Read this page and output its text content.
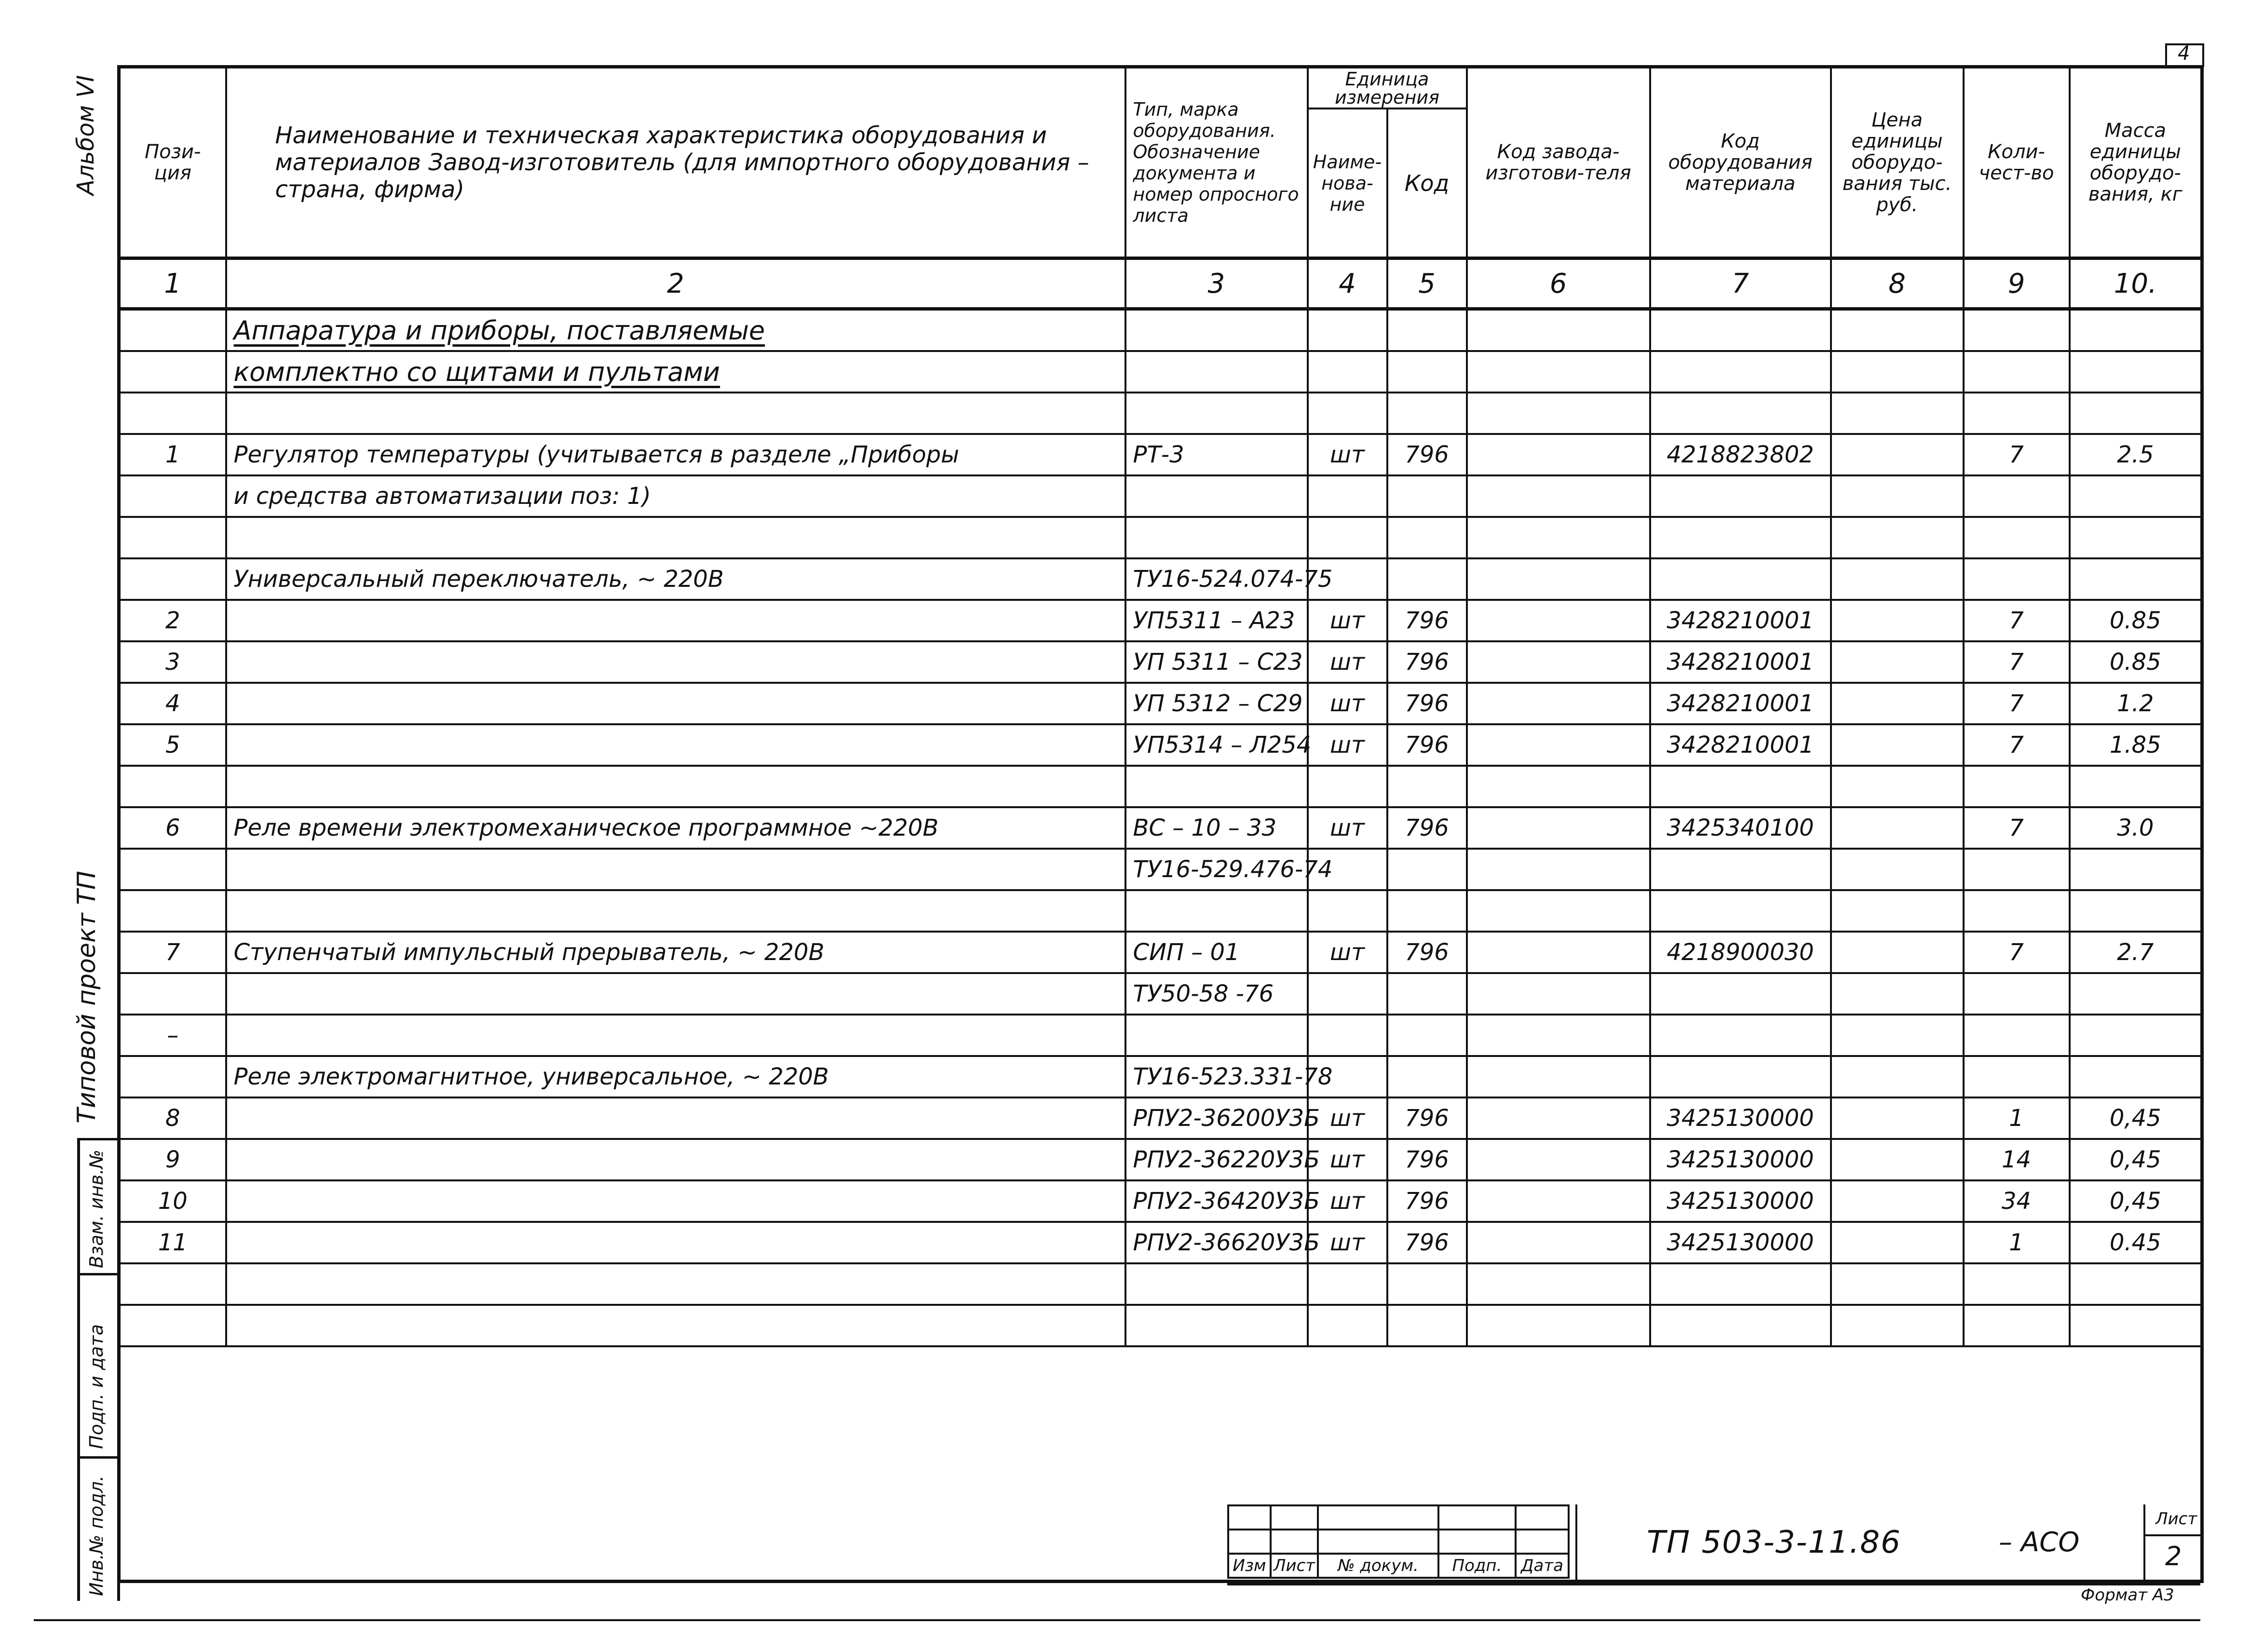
4
Альбом VI
Типовой проект ТП
Инв.№ подл.
Подп. и дата
Взам. инв.№
Пози-ция	Наименование и техническая характеристика оборудования и материалов Завод-изготовитель (для импортного оборудования – страна, фирма)	Тип, марка оборудования. Обозначение документа и номер опросного листа	Единица измерения		Код завода-изготови-теля	Код оборудования материала	Цена единицы оборудо-вания тыс. руб.	Коли-чест-во	Масса единицы оборудо-вания, кг
			Наиме-нова-ние	Код					
1	2	3	4	5	6	7	8	9	10.
	Аппаратура и приборы, поставляемые								
	комплектно со щитами и пультами								

1	Регулятор температуры (учитывается в разделе „Приборы	РТ-3	шт	796		4218823802		7	2.5
	и средства автоматизации поз: 1)								

	Универсальный переключатель, ~ 220В	ТУ16-524.074-75							
2		УП5311 – А23	шт	796		3428210001		7	0.85
3		УП 5311 – С23	шт	796		3428210001		7	0.85
4		УП 5312 – С29	шт	796		3428210001		7	1.2
5		УП5314 – Л254	шт	796		3428210001		7	1.85

6	Реле времени электромеханическое программное ~220В	ВС – 10 – 33	шт	796		3425340100		7	3.0
		ТУ16-529.476-74							

7	Ступенчатый импульсный прерыватель, ~ 220В	СИП – 01	шт	796		4218900030		7	2.7
		ТУ50-58 -76							
–									
	Реле электромагнитное, универсальное, ~ 220В	ТУ16-523.331-78							
8		РПУ2-36200У3Б	шт	796		3425130000		1	0,45
9		РПУ2-36220У3Б	шт	796		3425130000		14	0,45
10		РПУ2-36420У3Б	шт	796		3425130000		34	0,45
11		РПУ2-36620У3Б	шт	796		3425130000		1	0.45

Изм	Лист	№ докум.	Подп.	Дата
ТП 503-3-11.86	– АСО
Лист
2
Формат А3
